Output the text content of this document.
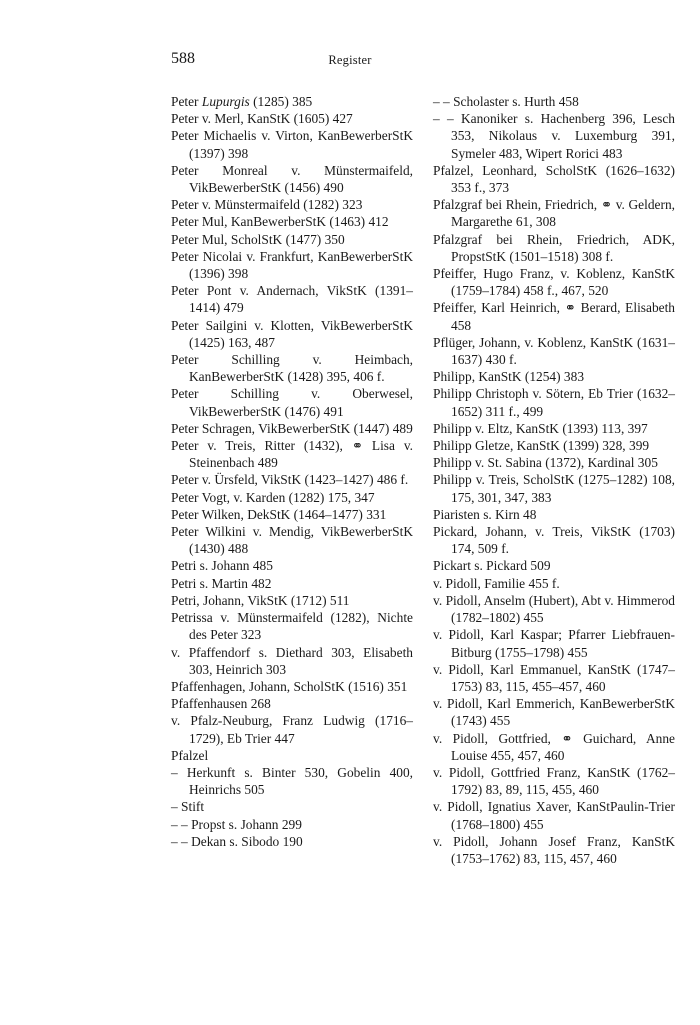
588	Register

Peter Lupurgis (1285) 385

Peter v. Merl, KanStK (1605) 427

Peter Michaelis v. Virton, KanBewerberStK (1397) 398

Peter Monreal v. Münstermaifeld, VikBewerberStK (1456) 490

Peter v. Münstermaifeld (1282) 323

Peter Mul, KanBewerberStK (1463) 412

Peter Mul, ScholStK (1477) 350

Peter Nicolai v. Frankfurt, KanBewerberStK (1396) 398

Peter Pont v. Andernach, VikStK (1391–1414) 479

Peter Sailgini v. Klotten, VikBewerberStK (1425) 163, 487

Peter Schilling v. Heimbach, KanBewerberStK (1428) 395, 406 f.

Peter Schilling v. Oberwesel, VikBewerberStK (1476) 491

Peter Schragen, VikBewerberStK (1447) 489

Peter v. Treis, Ritter (1432), ⚭ Lisa v. Steinenbach 489

Peter v. Ürsfeld, VikStK (1423–1427) 486 f.

Peter Vogt, v. Karden (1282) 175, 347

Peter Wilken, DekStK (1464–1477) 331

Peter Wilkini v. Mendig, VikBewerberStK (1430) 488

Petri s. Johann 485

Petri s. Martin 482

Petri, Johann, VikStK (1712) 511

Petrissa v. Münstermaifeld (1282), Nichte des Peter 323

v. Pfaffendorf s. Diethard 303, Elisabeth 303, Heinrich 303

Pfaffenhagen, Johann, ScholStK (1516) 351

Pfaffenhausen 268

v. Pfalz-Neuburg, Franz Ludwig (1716–1729), Eb Trier 447

Pfalzel

– Herkunft s. Binter 530, Gobelin 400, Heinrichs 505

– Stift

– – Propst s. Johann 299

– – Dekan s. Sibodo 190

– – Scholaster s. Hurth 458

– – Kanoniker s. Hachenberg 396, Lesch 353, Nikolaus v. Luxemburg 391, Symeler 483, Wipert Rorici 483

Pfalzel, Leonhard, ScholStK (1626–1632) 353 f., 373

Pfalzgraf bei Rhein, Friedrich, ⚭ v. Geldern, Margarethe 61, 308

Pfalzgraf bei Rhein, Friedrich, ADK, PropstStK (1501–1518) 308 f.

Pfeiffer, Hugo Franz, v. Koblenz, KanStK (1759–1784) 458 f., 467, 520

Pfeiffer, Karl Heinrich, ⚭ Berard, Elisabeth 458

Pflüger, Johann, v. Koblenz, KanStK (1631–1637) 430 f.

Philipp, KanStK (1254) 383

Philipp Christoph v. Sötern, Eb Trier (1632–1652) 311 f., 499

Philipp v. Eltz, KanStK (1393) 113, 397

Philipp Gletze, KanStK (1399) 328, 399

Philipp v. St. Sabina (1372), Kardinal 305

Philipp v. Treis, ScholStK (1275–1282) 108, 175, 301, 347, 383

Piaristen s. Kirn 48

Pickard, Johann, v. Treis, VikStK (1703) 174, 509 f.

Pickart s. Pickard 509

v. Pidoll, Familie 455 f.

v. Pidoll, Anselm (Hubert), Abt v. Himmerod (1782–1802) 455

v. Pidoll, Karl Kaspar; Pfarrer Liebfrauen-Bitburg (1755–1798) 455

v. Pidoll, Karl Emmanuel, KanStK (1747–1753) 83, 115, 455–457, 460

v. Pidoll, Karl Emmerich, KanBewerberStK (1743) 455

v. Pidoll, Gottfried, ⚭ Guichard, Anne Louise 455, 457, 460

v. Pidoll, Gottfried Franz, KanStK (1762–1792) 83, 89, 115, 455, 460

v. Pidoll, Ignatius Xaver, KanStPaulin-Trier (1768–1800) 455

v. Pidoll, Johann Josef Franz, KanStK (1753–1762) 83, 115, 457, 460
